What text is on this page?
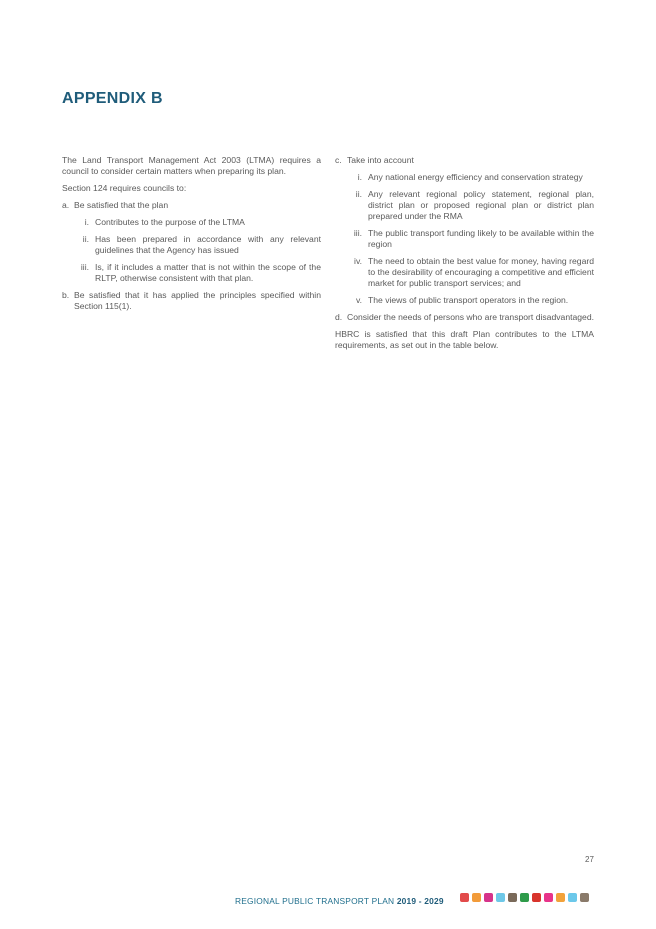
APPENDIX B

The Land Transport Management Act 2003 (LTMA) requires a council to consider certain matters when preparing its plan.

Section 124 requires councils to:

a. Be satisfied that the plan
i. Contributes to the purpose of the LTMA
ii. Has been prepared in accordance with any relevant guidelines that the Agency has issued
iii. Is, if it includes a matter that is not within the scope of the RLTP, otherwise consistent with that plan.
b. Be satisfied that it has applied the principles specified within Section 115(1).
c. Take into account
i. Any national energy efficiency and conservation strategy
ii. Any relevant regional policy statement, regional plan, district plan or proposed regional plan or district plan prepared under the RMA
iii. The public transport funding likely to be available within the region
iv. The need to obtain the best value for money, having regard to the desirability of encouraging a competitive and efficient market for public transport services; and
v. The views of public transport operators in the region.
d. Consider the needs of persons who are transport disadvantaged.

HBRC is satisfied that this draft Plan contributes to the LTMA requirements, as set out in the table below.

27
REGIONAL PUBLIC TRANSPORT PLAN 2019 - 2029
